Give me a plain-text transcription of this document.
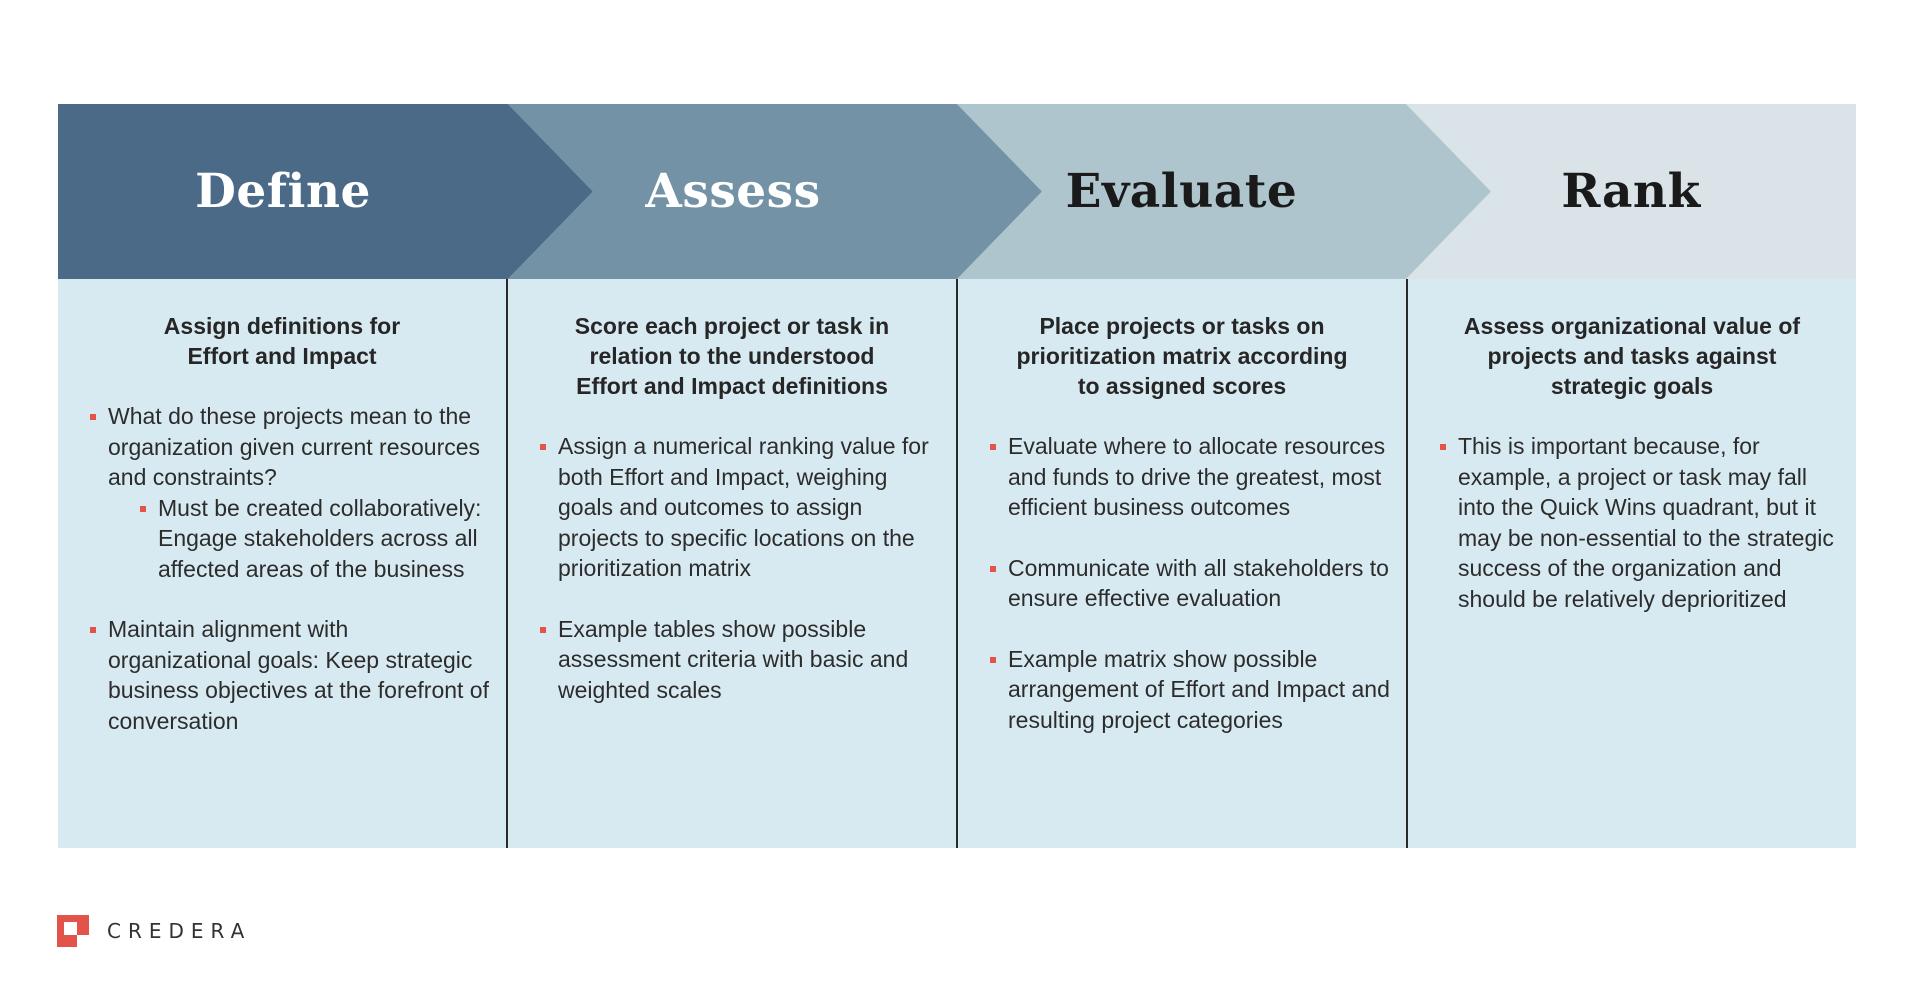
Define	Assess	Evaluate	Rank
Assign definitions for
Effort and Impact
What do these projects mean to the organization given current resources and constraints?
Must be created collaboratively: Engage stakeholders across all affected areas of the business
Maintain alignment with organizational goals: Keep strategic business objectives at the forefront of conversation
Score each project or task in relation to the understood Effort and Impact definitions
Assign a numerical ranking value for both Effort and Impact, weighing goals and outcomes to assign projects to specific locations on the prioritization matrix
Example tables show possible assessment criteria with basic and weighted scales
Place projects or tasks on prioritization matrix according to assigned scores
Evaluate where to allocate resources and funds to drive the greatest, most efficient business outcomes
Communicate with all stakeholders to ensure effective evaluation
Example matrix show possible arrangement of Effort and Impact and resulting project categories
Assess organizational value of projects and tasks against strategic goals
This is important because, for example, a project or task may fall into the Quick Wins quadrant, but it may be non-essential to the strategic success of the organization and should be relatively deprioritized
CREDERA
